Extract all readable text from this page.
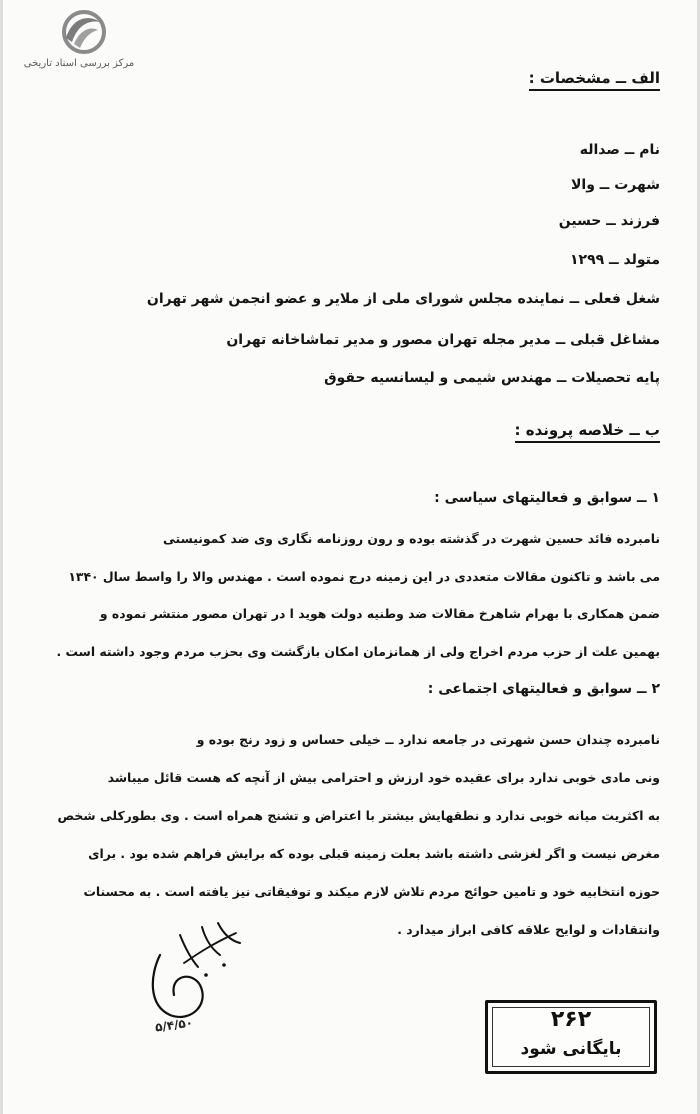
مرکز بررسی اسناد تاریخی
الف ــ مشخصات :
نام ــ صداله
شهرت ــ والا
فرزند ــ حسین
متولد ــ ۱۲۹۹
شغل فعلی ــ نماینده مجلس شورای ملی از ملایر و عضو انجمن شهر تهران
مشاغل قبلی ــ مدیر مجله تهران مصور و مدیر تماشاخانه تهران
پایه تحصیلات ــ مهندس شیمی و لیسانسیه حقوق
ب ــ خلاصه پرونده :
۱ ــ سوابق و فعالیتهای سیاسی :
نامبرده فائد حسین شهرت در گذشته بوده و رون روزنامه نگاری وی ضد کمونیستی
می باشد و تاکنون مقالات متعددی در این زمینه درج نموده است . مهندس والا را واسط سال ۱۳۴۰
ضمن همکاری با بهرام شاهرخ مقالات ضد وطنیه دولت هوید ا در تهران مصور منتشر نموده و
بهمین علت از حزب مردم اخراج ولی از همانزمان امکان بازگشت وی بحزب مردم وجود داشته است .
۲ ــ سوابق و فعالیتهای اجتماعی :
نامبرده چندان حسن شهرتی در جامعه ندارد ــ خیلی حساس و زود رنج بوده و
ونی مادی خوبی ندارد برای عقیده خود ارزش و احترامی بیش از آنچه که هست قائل میباشد
به اکثریت میانه خوبی ندارد و نطقهایش بیشتر با اعتراض و تشنج همراه است . وی بطورکلی شخص
مغرض نیست و اگر لغزشی داشته باشد بعلت زمینه قبلی بوده که برایش فراهم شده بود . برای
حوزه انتخابیه خود و تامین حوائج مردم تلاش لازم میکند و توفیقاتی نیز یافته است . به محسنات
وانتقادات و لوایح علاقه کافی ابراز میدارد .
۵/۴/۵۰	۲۶۲
بایگانی شود
